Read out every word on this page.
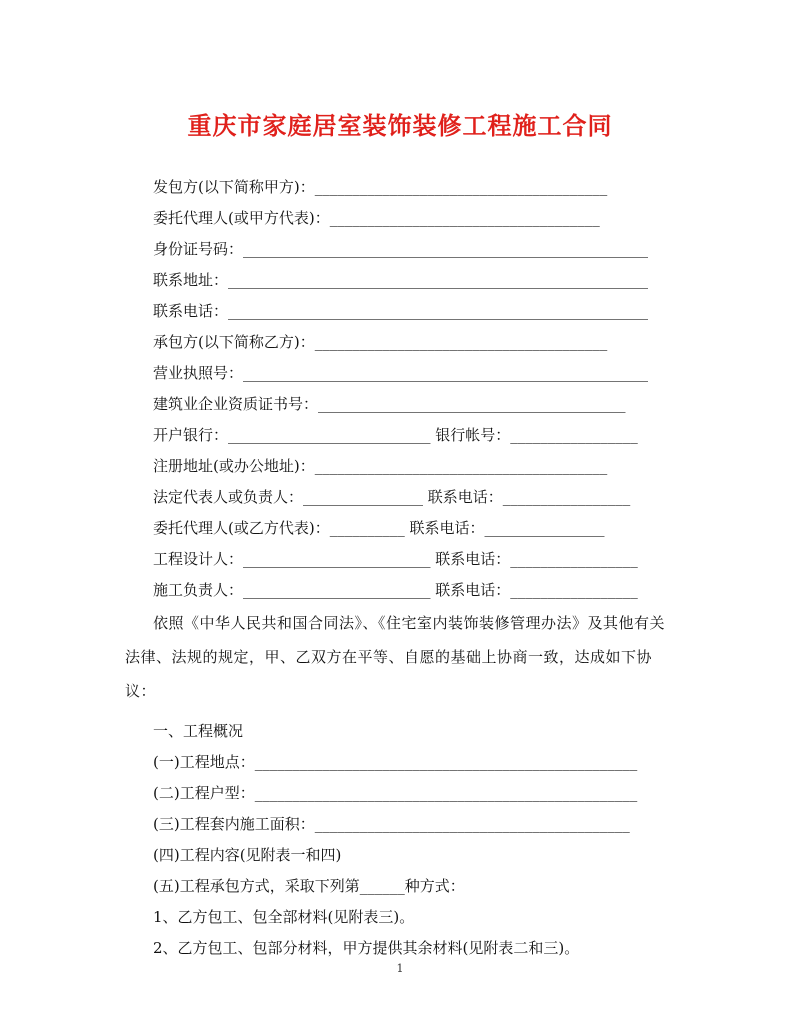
重庆市家庭居室装饰装修工程施工合同
发包方(以下简称甲方)：_______________________________________
委托代理人(或甲方代表)：____________________________________
身份证号码：______________________________________________________
联系地址：________________________________________________________
联系电话：________________________________________________________
承包方(以下简称乙方)：_______________________________________
营业执照号：______________________________________________________
建筑业企业资质证书号：_________________________________________
开户银行：___________________________ 银行帐号：_________________
注册地址(或办公地址)：_______________________________________
法定代表人或负责人：________________ 联系电话：_________________
委托代理人(或乙方代表)：__________ 联系电话：________________
工程设计人：_________________________ 联系电话：_________________
施工负责人：_________________________ 联系电话：_________________
依照《中华人民共和国合同法》、《住宅室内装饰装修管理办法》及其他有关法律、法规的规定，甲、乙双方在平等、自愿的基础上协商一致，达成如下协议：
一、工程概况
(一)工程地点：___________________________________________________
(二)工程户型：___________________________________________________
(三)工程套内施工面积：__________________________________________
(四)工程内容(见附表一和四)
(五)工程承包方式，采取下列第______种方式：
1、乙方包工、包全部材料(见附表三)。
2、乙方包工、包部分材料，甲方提供其余材料(见附表二和三)。
1
